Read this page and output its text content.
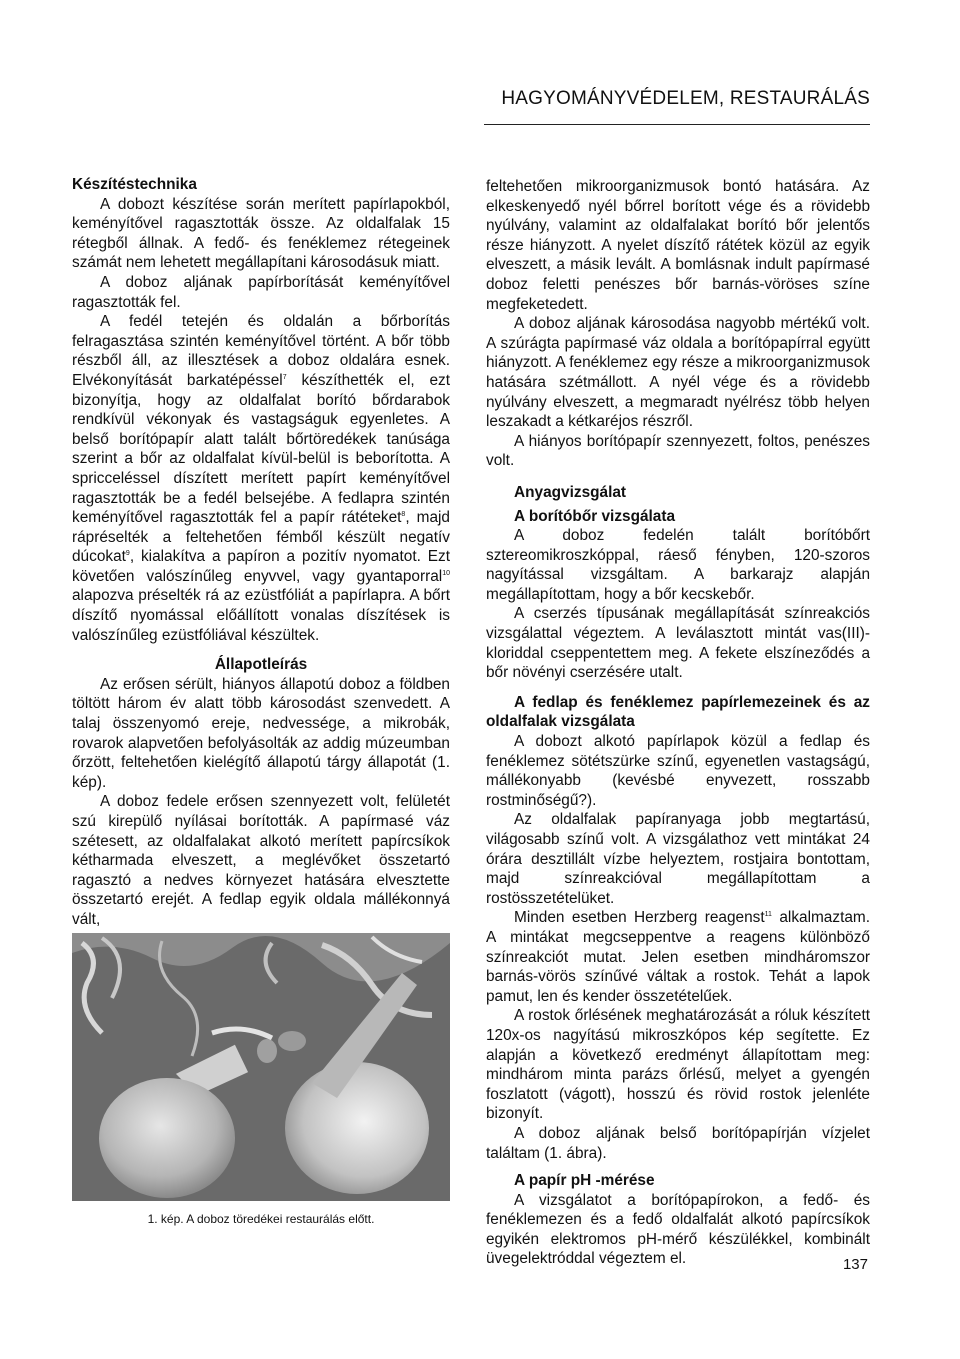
HAGYOMÁNYVÉDELEM, RESTAURÁLÁS

Készítéstechnika

A dobozt készítése során merített papírlapokból, keményítővel ragasztották össze. Az oldalfalak 15 rétegből állnak. A fedő- és fenéklemez rétegeinek számát nem lehetett megállapítani károsodásuk miatt.

A doboz aljának papírborítását keményítővel ragasztották fel.

A fedél tetején és oldalán a bőrborítás felragasztása szintén keményítővel történt. A bőr több részből áll, az illesztések a doboz oldalára esnek. Elvékonyítását barkatépéssel$^7$ készíthették el, ezt bizonyítja, hogy az oldalfalat borító bőrdarabok rendkívül vékonyak és vastagságuk egyenletes. A belső borítópapír alatt talált bőrtöredékek tanúsága szerint a bőr az oldalfalat kívül-belül is beborította. A spricceléssel díszített merített papírt keményítővel ragasztották be a fedél belsejébe. A fedlapra szintén keményítővel ragasztották fel a papír rátéteket$^8$, majd rápréselték a feltehetően fémből készült negatív dúcokat$^9$, kialakítva a papíron a pozitív nyomatot. Ezt követően valószínűleg enyvvel, vagy gyantaporral$^{10}$ alapozva préselték rá az ezüstfóliát a papírlapra. A bőrt díszítő nyomással előállított vonalas díszítések is valószínűleg ezüstfóliával készültek.

Állapotleírás

Az erősen sérült, hiányos állapotú doboz a földben töltött három év alatt több károsodást szenvedett. A talaj összenyomó ereje, nedvessége, a mikrobák, rovarok alapvetően befolyásolták az addig múzeumban őrzött, feltehetően kielégítő állapotú tárgy állapotát (1. kép).

A doboz fedele erősen szennyezett volt, felületét szú kirepülő nyílásai borították. A papírmasé váz szétesett, az oldalfalakat alkotó merített papírcsíkok kétharmada elveszett, a meglévőket összetartó ragasztó a nedves környezet hatására elvesztette összetartó erejét. A fedlap egyik oldala mállékonnyá vált,

1. kép. A doboz töredékei restaurálás előtt.

feltehetően mikroorganizmusok bontó hatására. Az elkeskenyedő nyél bőrrel borított vége és a rövidebb nyúlvány, valamint az oldalfalakat borító bőr jelentős része hiányzott. A nyelet díszítő rátétek közül az egyik elveszett, a másik levált. A bomlásnak indult papírmasé doboz feletti penészes bőr barnás-vöröses színe megfeketedett.

A doboz aljának károsodása nagyobb mértékű volt. A szúrágta papírmasé váz oldala a borítópapírral együtt hiányzott. A fenéklemez egy része a mikroorganizmusok hatására szétmállott. A nyél vége és a rövidebb nyúlvány elveszett, a megmaradt nyélrész több helyen leszakadt a kétkaréjos részről.

A hiányos borítópapír szennyezett, foltos, penészes volt.

Anyagvizsgálat

A borítóbőr vizsgálata

A doboz fedelén talált borítóbőrt sztereomikroszkóppal, ráeső fényben, 120-szoros nagyítással vizsgáltam. A barkarajz alapján megállapítottam, hogy a bőr kecskebőr.

A cserzés típusának megállapítását színreakciós vizsgálattal végeztem. A leválasztott mintát vas(III)-kloriddal cseppentettem meg. A fekete elszíneződés a bőr növényi cserzésére utalt.

A fedlap és fenéklemez papírlemezeinek és az oldalfalak vizsgálata

A dobozt alkotó papírlapok közül a fedlap és fenéklemez sötétszürke színű, egyenetlen vastagságú, mállékonyabb (kevésbé enyvezett, rosszabb rostminőségű?).

Az oldalfalak papíranyaga jobb megtartású, világosabb színű volt. A vizsgálathoz vett mintákat 24 órára desztillált vízbe helyeztem, rostjaira bontottam, majd színreakcióval megállapítottam a rostösszetételüket.

Minden esetben Herzberg reagenst$^{11}$ alkalmaztam. A mintákat megcseppentve a reagens különböző színreakciót mutat. Jelen esetben mindháromszor barnás-vörös színűvé váltak a rostok. Tehát a lapok pamut, len és kender összetételűek.

A rostok őrlésének meghatározását a róluk készített 120x-os nagyítású mikroszkópos kép segítette. Ez alapján a következő eredményt állapítottam meg: mindhárom minta parázs őrlésű, melyet a gyengén foszlatott (vágott), hosszú és rövid rostok jelenléte bizonyít.

A doboz aljának belső borítópapírján vízjelet találtam (1. ábra).

A papír pH -mérése

A vizsgálatot a borítópapírokon, a fedő- és fenéklemezen és a fedő oldalfalát alkotó papírcsíkok egyikén elektromos pH-mérő készülékkel, kombinált üvegelektróddal végeztem el.	137
